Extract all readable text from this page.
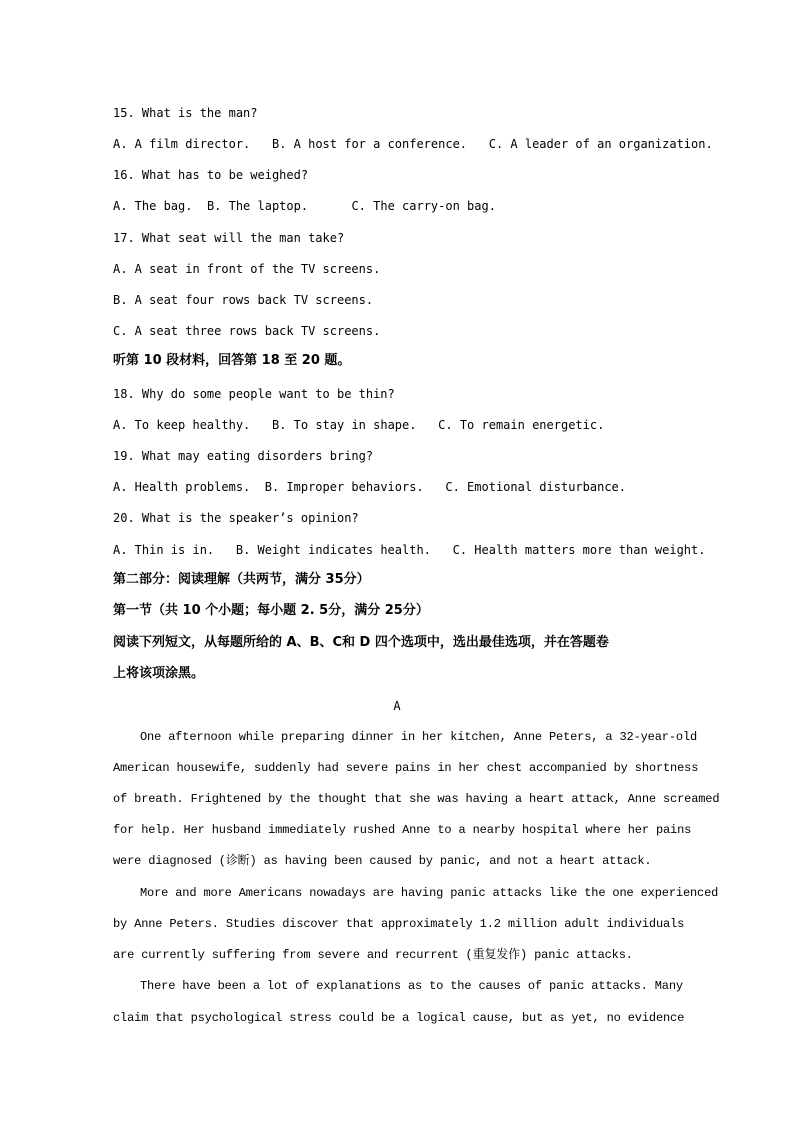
15. What is the man?
A. A film director. B. A host for a conference. C. A leader of an organization.
16. What has to be weighed?
A. The bag. B. The laptop.	C. The carry-on bag.
17. What seat will the man take?
A. A seat in front of the TV screens.
B. A seat four rows back TV screens.
C. A seat three rows back TV screens.
听第 10 段材料，回答第 18 至 20 题。
18. Why do some people want to be thin?
A. To keep healthy. B. To stay in shape. C. To remain energetic.
19. What may eating disorders bring?
A. Health problems. B. Improper behaviors. C. Emotional disturbance.
20. What is the speaker’s opinion?
A. Thin is in. B. Weight indicates health. C. Health matters more than weight.
第二部分：阅读理解（共两节，满分 35分）
第一节（共 10 个小题；每小题 2. 5分，满分 25分）
阅读下列短文，从每题所给的 A、B、C和 D 四个选项中，选出最佳选项，并在答题卷
上将该项涂黑。
A
One afternoon while preparing dinner in her kitchen, Anne Peters, a 32-year-old
American housewife, suddenly had severe pains in her chest accompanied by shortness
of breath. Frightened by the thought that she was having a heart attack, Anne screamed
for help. Her husband immediately rushed Anne to a nearby hospital where her pains
were diagnosed (诊断) as having been caused by panic, and not a heart attack.
More and more Americans nowadays are having panic attacks like the one experienced
by Anne Peters. Studies discover that approximately 1.2 million adult individuals
are currently suffering from severe and recurrent (重复发作) panic attacks.
There have been a lot of explanations as to the causes of panic attacks. Many
claim that psychological stress could be a logical cause, but as yet, no evidence
